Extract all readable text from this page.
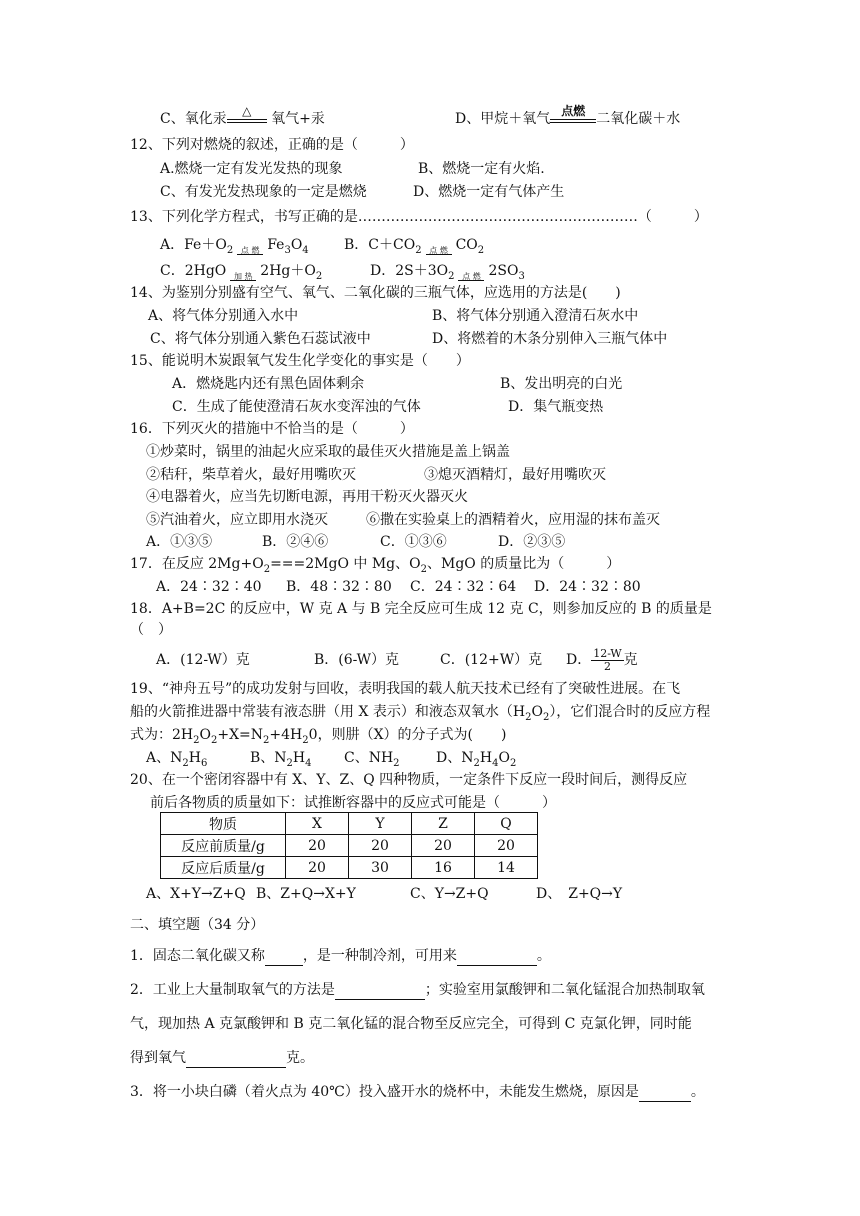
C、氧化汞	△	氧气+汞	D、甲烷＋氧气 点燃 二氧化碳＋水
12、下列对燃烧的叙述，正确的是（　　　）
A.燃烧一定有发光发热的现象	B、燃烧一定有火焰.
C、有发光发热现象的一定是燃烧	D、燃烧一定有气体产生
13、下列化学方程式，书写正确的是……………………………………………………（　　　）
A．$Fe+O_2$ 点 燃 $Fe_3O_4$	B．$C+CO_2$ 点 燃 $CO_2$
C．2HgO 加 热 $2Hg+O_2$	D．$2S+3O_2$ 点 燃 $2SO_3$
14、为鉴别分别盛有空气、氧气、二氧化碳的三瓶气体，应选用的方法是(　　)
A、将气体分别通入水中	B、将气体分别通入澄清石灰水中
C、将气体分别通入紫色石蕊试液中	D、将燃着的木条分别伸入三瓶气体中
15、能说明木炭跟氧气发生化学变化的事实是（　　）
A．燃烧匙内还有黑色固体剩余	B、发出明亮的白光
C．生成了能使澄清石灰水变浑浊的气体	D．集气瓶变热
16．下列灭火的措施中不恰当的是（　　　）
①炒菜时，锅里的油起火应采取的最佳灭火措施是盖上锅盖
②秸秆，柴草着火，最好用嘴吹灭	③熄灭酒精灯，最好用嘴吹灭
④电器着火，应当先切断电源，再用干粉灭火器灭火
⑤汽油着火，应立即用水浇灭	⑥撒在实验桌上的酒精着火，应用湿的抹布盖灭
A．①③⑤	B．②④⑥	C．①③⑥	D．②③⑤
17．在反应 $2Mg+O_2===2MgO$ 中 Mg、$O_2$、MgO 的质量比为（　　　）
A．24∶32∶40 B．48∶32∶80 C．24∶32∶64 D．24∶32∶80
18．A+B=2C 的反应中，W 克 A 与 B 完全反应可生成 12 克 C，则参加反应的 B 的质量是
（　）
A．(12-W）克	B．(6-W）克	C．(12+W）克 D． $\frac{12-W}{2}$ 克
19、“神舟五号”的成功发射与回收，表明我国的载人航天技术已经有了突破性进展。在飞
船的火箭推进器中常装有液态肼（用 X 表示）和液态双氧水$(H_2O_2)$，它们混合时的反应方程
式为：$2H_2O_2+X=N_2+4H_20$，则肼（X）的分子式为(　　)
A、$N_2H_6$	B、$N_2H_4$ C、$NH_2$	D、$N_2H_4O_2$
20、在一个密闭容器中有 X、Y、Z、Q 四种物质，一定条件下反应一段时间后，测得反应
前后各物质的质量如下：试推断容器中的反应式可能是（　　　）
物质	X	Y	Z	Q
反应前质量/g	20	20	20	20
反应后质量/g	20	30	16	14
A、X+Y→Z+Q B、Z+Q→X+Y	C、Y→Z+Q	D、　Z+Q→Y
二、填空题（34 分）
1．固态二氧化碳又称	，是一种制冷剂，可用来	。
2．工业上大量制取氧气的方法是	；实验室用氯酸钾和二氧化锰混合加热制取氧
气，现加热 A 克氯酸钾和 B 克二氧化锰的混合物至反应完全，可得到 C 克氯化钾，同时能
得到氧气	克。
3．将一小块白磷（着火点为 40℃）投入盛开水的烧杯中，未能发生燃烧，原因是	。
